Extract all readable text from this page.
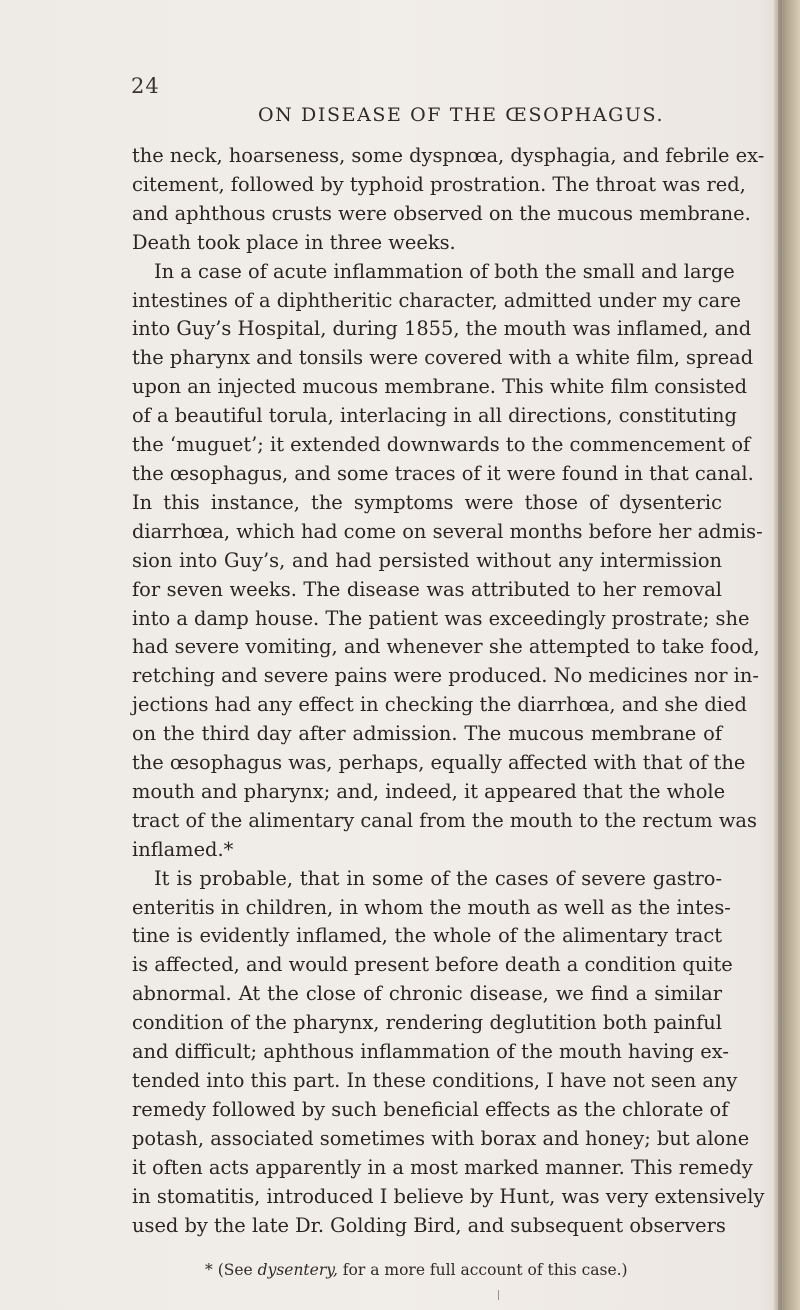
24
ON DISEASE OF THE ŒSOPHAGUS.
the neck, hoarseness, some dyspnœa, dysphagia, and febrile ex-
citement, followed by typhoid prostration. The throat was red,
and aphthous crusts were observed on the mucous membrane.
Death took place in three weeks.
In a case of acute inflammation of both the small and large
intestines of a diphtheritic character, admitted under my care
into Guy’s Hospital, during 1855, the mouth was inflamed, and
the pharynx and tonsils were covered with a white film, spread
upon an injected mucous membrane. This white film consisted
of a beautiful torula, interlacing in all directions, constituting
the ‘muguet’; it extended downwards to the commencement of
the œsophagus, and some traces of it were found in that canal.
In this instance, the symptoms were those of dysenteric
diarrhœa, which had come on several months before her admis-
sion into Guy’s, and had persisted without any intermission
for seven weeks. The disease was attributed to her removal
into a damp house. The patient was exceedingly prostrate; she
had severe vomiting, and whenever she attempted to take food,
retching and severe pains were produced. No medicines nor in-
jections had any effect in checking the diarrhœa, and she died
on the third day after admission. The mucous membrane of
the œsophagus was, perhaps, equally affected with that of the
mouth and pharynx; and, indeed, it appeared that the whole
tract of the alimentary canal from the mouth to the rectum was
inflamed.*
It is probable, that in some of the cases of severe gastro-
enteritis in children, in whom the mouth as well as the intes-
tine is evidently inflamed, the whole of the alimentary tract
is affected, and would present before death a condition quite
abnormal. At the close of chronic disease, we find a similar
condition of the pharynx, rendering deglutition both painful
and difficult; aphthous inflammation of the mouth having ex-
tended into this part. In these conditions, I have not seen any
remedy followed by such beneficial effects as the chlorate of
potash, associated sometimes with borax and honey; but alone
it often acts apparently in a most marked manner. This remedy
in stomatitis, introduced I believe by Hunt, was very extensively
used by the late Dr. Golding Bird, and subsequent observers
* (See dysentery, for a more full account of this case.)
